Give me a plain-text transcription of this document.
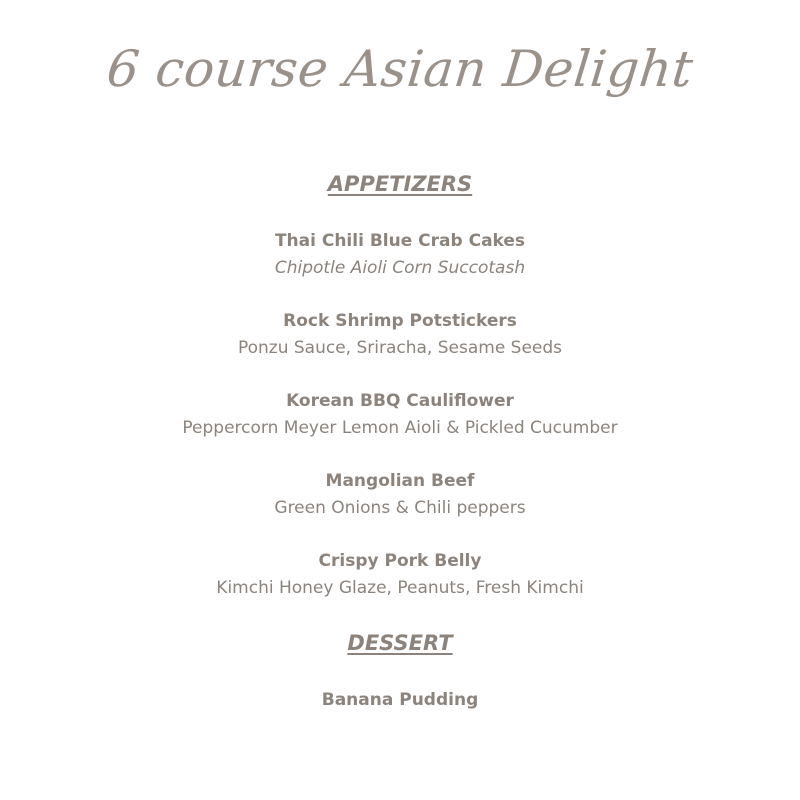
6 course Asian Delight
APPETIZERS
Thai Chili Blue Crab Cakes
Chipotle Aioli Corn Succotash
Rock Shrimp Potstickers
Ponzu Sauce, Sriracha, Sesame Seeds
Korean BBQ Cauliflower
Peppercorn Meyer Lemon Aioli & Pickled Cucumber
Mangolian Beef
Green Onions & Chili peppers
Crispy Pork Belly
Kimchi Honey Glaze, Peanuts, Fresh Kimchi
DESSERT
Banana Pudding
